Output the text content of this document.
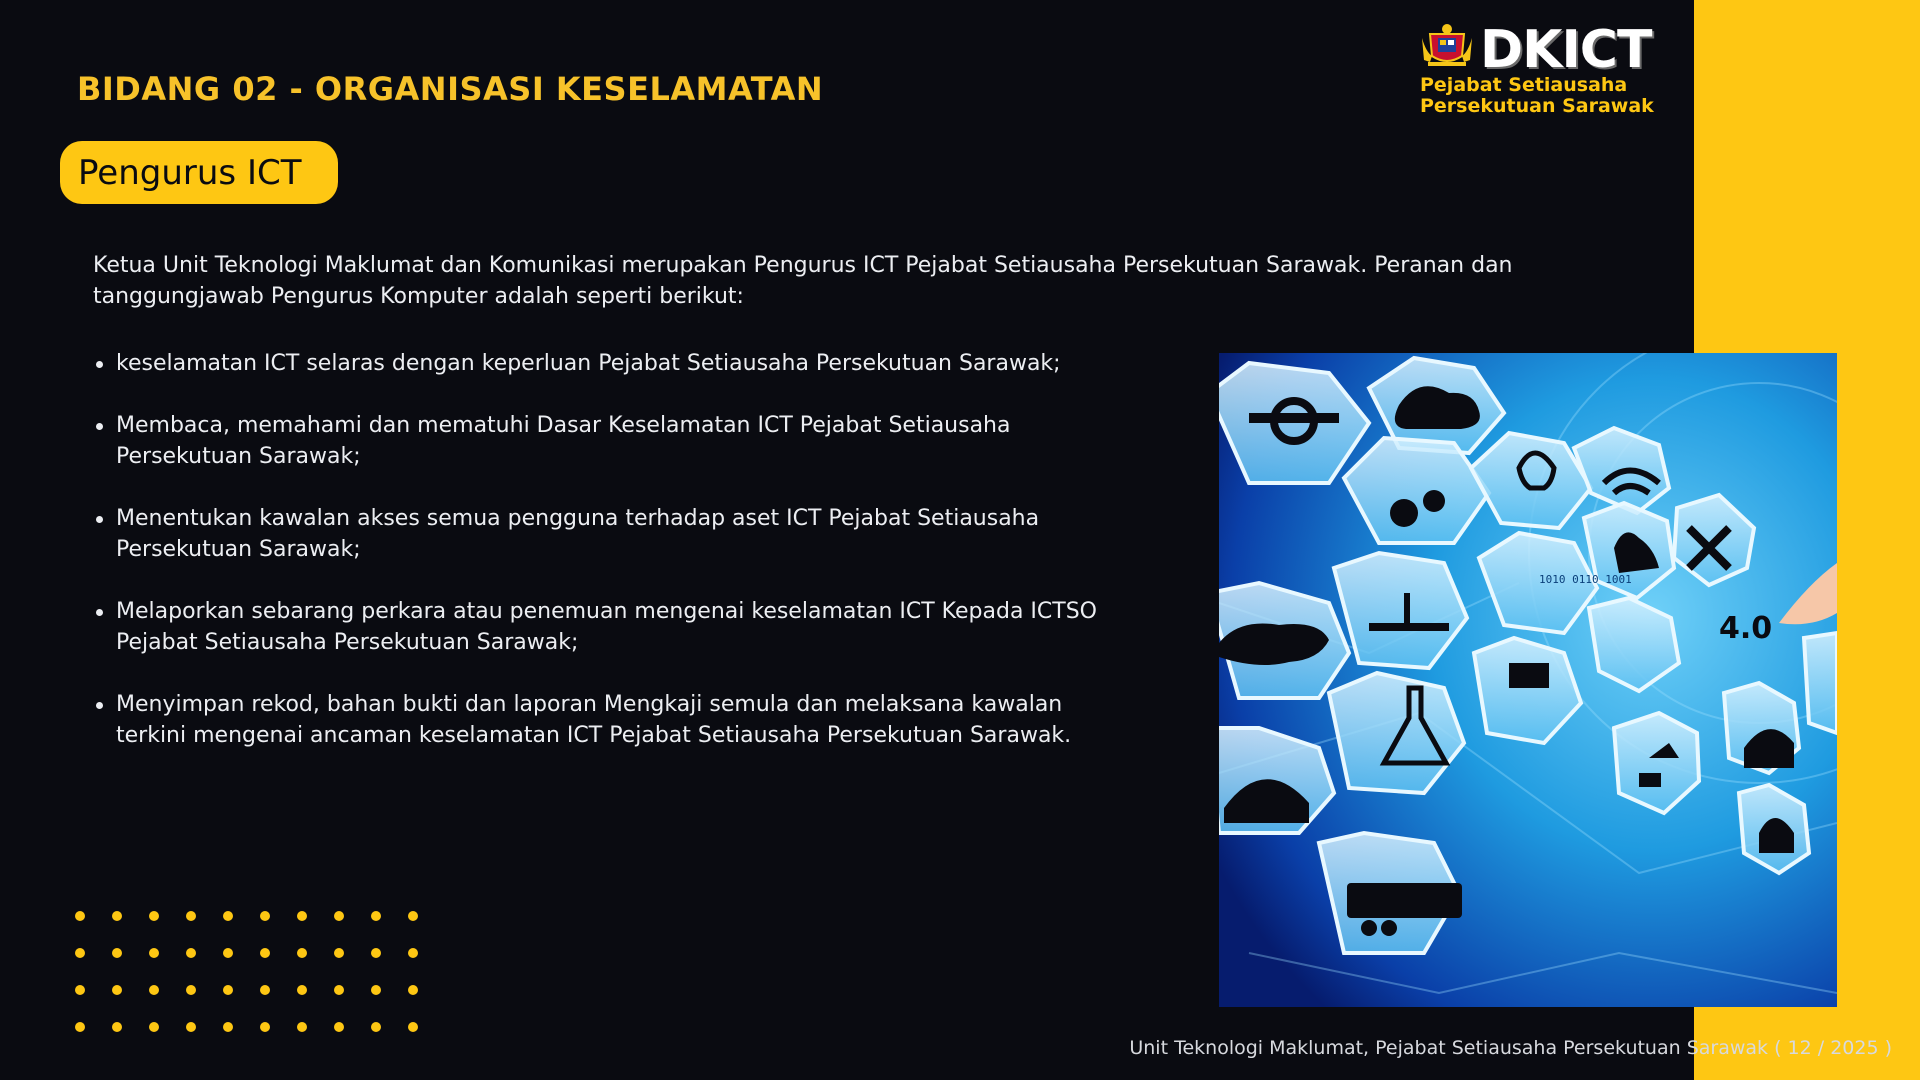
BIDANG 02 - ORGANISASI KESELAMATAN
Pengurus ICT
DKICT
Pejabat Setiausaha
Persekutuan Sarawak
Ketua Unit Teknologi Maklumat dan Komunikasi merupakan Pengurus ICT Pejabat Setiausaha Persekutuan Sarawak. Peranan dan tanggungjawab Pengurus Komputer adalah seperti berikut:
keselamatan ICT selaras dengan keperluan Pejabat Setiausaha Persekutuan Sarawak;
Membaca, memahami dan mematuhi Dasar Keselamatan ICT Pejabat Setiausaha Persekutuan Sarawak;
Menentukan kawalan akses semua pengguna terhadap aset ICT Pejabat Setiausaha Persekutuan Sarawak;
Melaporkan sebarang perkara atau penemuan mengenai keselamatan ICT Kepada ICTSO Pejabat Setiausaha Persekutuan Sarawak;
Menyimpan rekod, bahan bukti dan laporan Mengkaji semula dan melaksana kawalan terkini mengenai ancaman keselamatan ICT Pejabat Setiausaha Persekutuan Sarawak.
1010 0110 1001
4.0
Unit Teknologi Maklumat, Pejabat Setiausaha Persekutuan Sarawak ( 12 / 2025 )
